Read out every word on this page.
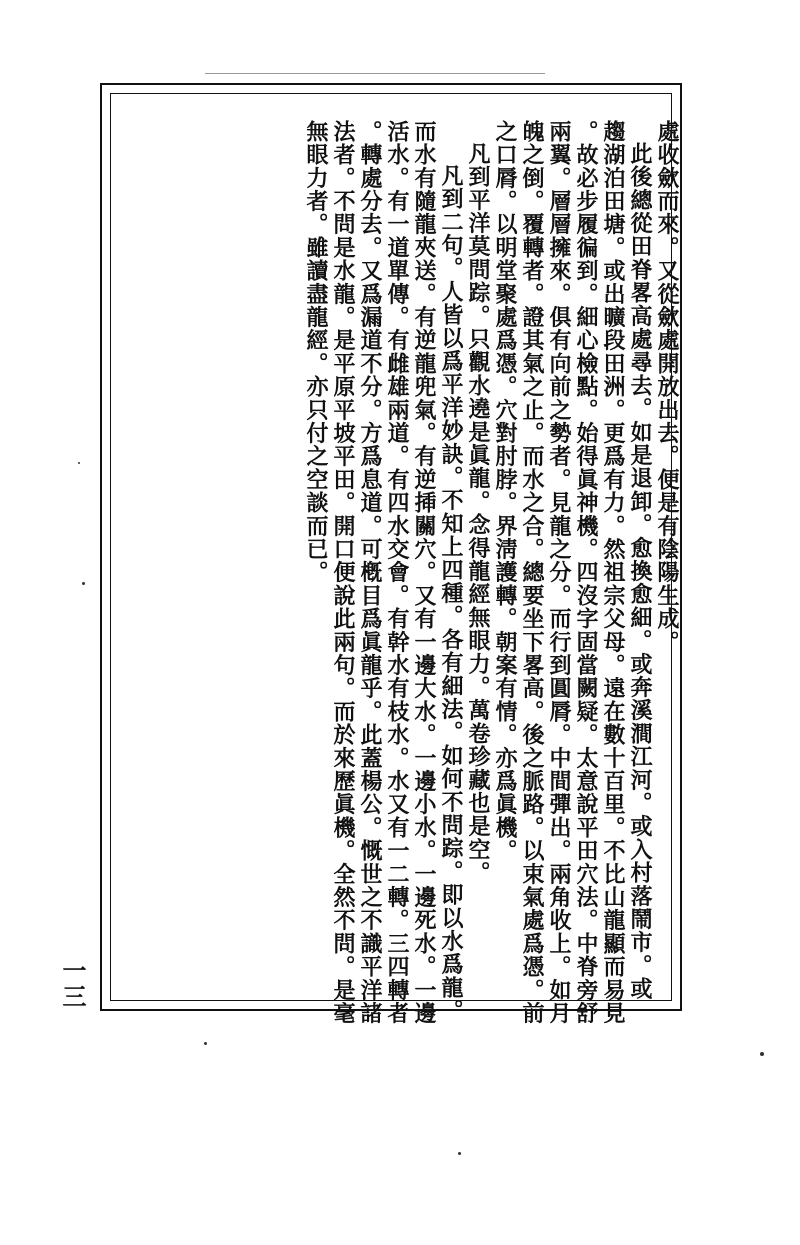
處收歛而來。又從歛處開放出去。便是有陰陽生成。
此後總從田脊畧高處尋去。如是退卸。愈換愈細。或奔溪澗江河。或入村落鬧市。或
趨湖泊田塘。或出曠段田洲。更爲有力。然祖宗父母。遠在數十百里。不比山龍顯而易見
。故必步履徧到。細心檢點。始得眞神機。四沒字固當闕疑。太意說平田穴法。中脊旁舒
兩翼。層層擁來。俱有向前之勢者。見龍之分。而行到圓脣。中間彈出。兩角收上。如月
魄之倒。覆轉者。證其氣之止。而水之合。總要坐下畧高。後之脈路。以束氣處爲憑。前
之口脣。以明堂聚處爲憑。穴對肘脖。界淸護轉。朝案有情。亦爲眞機。
凡到平洋莫問踪。只觀水遶是眞龍。念得龍經無眼力。萬卷珍藏也是空。
凡到二句。人皆以爲平洋妙訣。不知上四種。各有細法。如何不問踪。即以水爲龍。
而水有隨龍夾送。有逆龍兜氣。有逆揷關穴。又有一邊大水。一邊小水。一邊死水。一邊
活水。有一道單傳。有雌雄兩道。有四水交會。有幹水有枝水。水又有一二轉。三四轉者
。轉處分去。又爲漏道不分。方爲息道。可槪目爲眞龍乎。此蓋楊公。慨世之不識平洋諸
法者。不問是水龍。是平原平坡平田。開口便說此兩句。而於來歷眞機。全然不問。是毫
無眼力者。雖讀盡龍經。亦只付之空談而已。
一三
